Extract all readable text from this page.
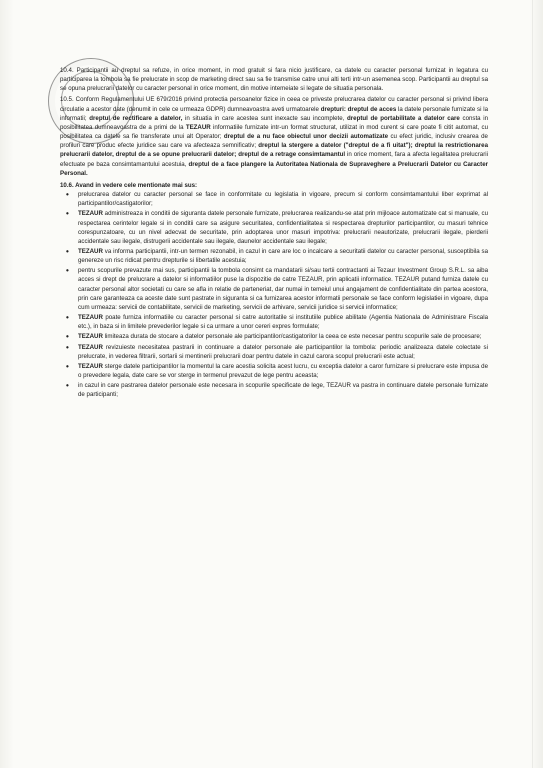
10.4. Participantii au dreptul sa refuze, in orice moment, in mod gratuit si fara nicio justificare, ca datele cu caracter personal furnizat in legatura cu participarea la tombola sa fie prelucrate in scop de marketing direct sau sa fie transmise catre unui alti terti intr-un asemenea scop. Participantii au dreptul sa se opuna prelucrarii datelor cu caracter personal in orice moment, din motive intemeiate si legate de situatia personala.

10.5. Conform Regulamentului UE 679/2016 privind protectia persoanelor fizice in ceea ce priveste prelucrarea datelor cu caracter personal si privind libera circulatie a acestor date (denumit in cele ce urmeaza GDPR) dumneavoastra aveti urmatoarele drepturi: dreptul de acces la datele personale furnizate si la informatii; dreptul de rectificare a datelor, in situatia in care acestea sunt inexacte sau incomplete, dreptul de portabilitate a datelor care consta in posibilitatea dumneavoastra de a primi de la TEZAUR informatiile furnizate intr-un format structurat, utilizat in mod curent si care poate fi citit automat, cu posibilitatea ca datele sa fie transferate unui alt Operator; dreptul de a nu face obiectul unor decizii automatizate cu efect juridic, inclusiv crearea de profiluri care produc efecte juridice sau care va afecteaza semnificativ; dreptul la stergere a datelor ("dreptul de a fi uitat"); dreptul la restrictionarea prelucrarii datelor, dreptul de a se opune prelucrarii datelor; dreptul de a retrage consimtamantul in orice moment, fara a afecta legalitatea prelucrarii efectuate pe baza consimtamantului acestuia, dreptul de a face plangere la Autoritatea Nationala de Supraveghere a Prelucrarii Datelor cu Caracter Personal.

10.6. Avand in vedere cele mentionate mai sus:

• prelucrarea datelor cu caracter personal se face in conformitate cu legislatia in vigoare, precum si conform consimtamantului liber exprimat al participantilor/castigatorilor;
• TEZAUR administreaza in conditii de siguranta datele personale furnizate, prelucrarea realizandu-se atat prin mijloace automatizate cat si manuale, cu respectarea cerintelor legale si in conditii care sa asigure securitatea, confidentialitatea si respectarea drepturilor participantilor, cu masuri tehnice corespunzatoare, cu un nivel adecvat de securitate, prin adoptarea unor masuri impotriva: prelucrarii neautorizate, prelucrarii ilegale, pierderii accidentale sau ilegale, distrugerii accidentale sau ilegale, daunelor accidentale sau ilegale;
• TEZAUR va informa participantii, intr-un termen rezonabil, in cazul in care are loc o incalcare a securitatii datelor cu caracter personal, susceptibila sa genereze un risc ridicat pentru drepturile si libertatile acestuia;
• pentru scopurile prevazute mai sus, participantii la tombola consimt ca mandatarii si/sau tertii contractanti ai Tezaur Investment Group S.R.L. sa aiba acces si drept de prelucrare a datelor si informatiilor puse la dispozitie de catre TEZAUR, prin aplicatii informatice. TEZAUR putand furniza datele cu caracter personal altor societati cu care se afla in relatie de parteneriat, dar numai in temeiul unui angajament de confidentialitate din partea acestora, prin care garanteaza ca aceste date sunt pastrate in siguranta si ca furnizarea acestor informatii personale se face conform legislatiei in vigoare, dupa cum urmeaza: servicii de contabilitate, servicii de marketing, servicii de arhivare, servicii juridice si servicii informatice;
• TEZAUR poate furniza informatiile cu caracter personal si catre autoritatile si institutiile publice abilitate (Agentia Nationala de Administrare Fiscala etc.), in baza si in limitele prevederilor legale si ca urmare a unor cereri expres formulate;
• TEZAUR limiteaza durata de stocare a datelor personale ale participantilor/castigatorilor la ceea ce este necesar pentru scopurile sale de procesare;
• TEZAUR revizuieste necesitatea pastrarii in continuare a datelor personale ale participantilor la tombola: periodic analizeaza datele colectate si prelucrate, in vederea filtrarii, sortarii si mentinerii prelucrarii doar pentru datele in cazul carora scopul prelucrarii este actual;
• TEZAUR sterge datele participantilor la momentul la care acestia solicita acest lucru, cu exceptia datelor a caror furnizare si prelucrare este impusa de o prevedere legala, date care se vor sterge in termenul prevazut de lege pentru aceasta;
• in cazul in care pastrarea datelor personale este necesara in scopurile specificate de lege, TEZAUR va pastra in continuare datele personale furnizate de participanti;
